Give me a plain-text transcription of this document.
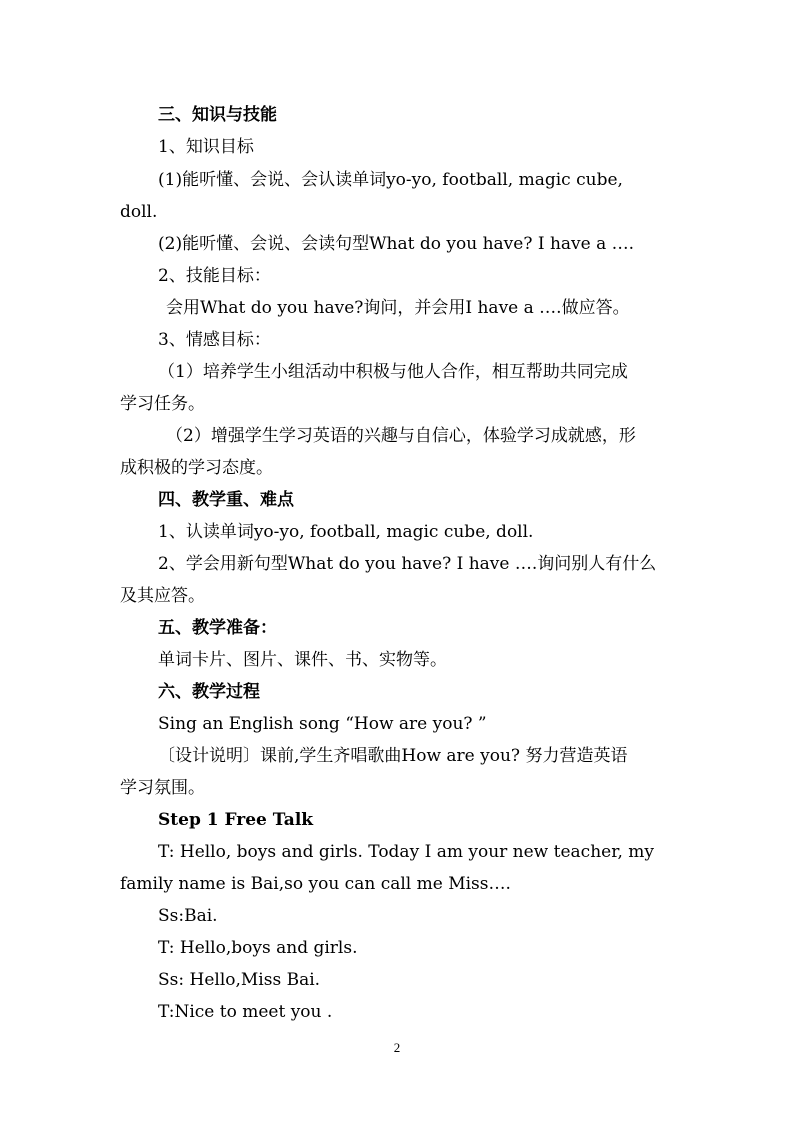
三、知识与技能
1、知识目标
(1)能听懂、会说、会认读单词yo-yo, football, magic cube,
doll.
(2)能听懂、会说、会读句型What do you have? I have a ….
2、技能目标：
会用What do you have?询问，并会用I have a ….做应答。
3、情感目标：
（1）培养学生小组活动中积极与他人合作，相互帮助共同完成
学习任务。
（2）增强学生学习英语的兴趣与自信心，体验学习成就感，形
成积极的学习态度。
四、教学重、难点
1、认读单词yo-yo, football, magic cube, doll.
2、学会用新句型What do you have? I have ….询问别人有什么
及其应答。
五、教学准备：
单词卡片、图片、课件、书、实物等。
六、教学过程
Sing an English song “How are you? ”
〔设计说明〕课前,学生齐唱歌曲How are you? 努力营造英语
学习氛围。
Step 1 Free Talk
T: Hello, boys and girls. Today I am your new teacher, my
family name is Bai,so you can call me Miss….
Ss:Bai.
T: Hello,boys and girls.
Ss: Hello,Miss Bai.
T:Nice to meet you .
2
